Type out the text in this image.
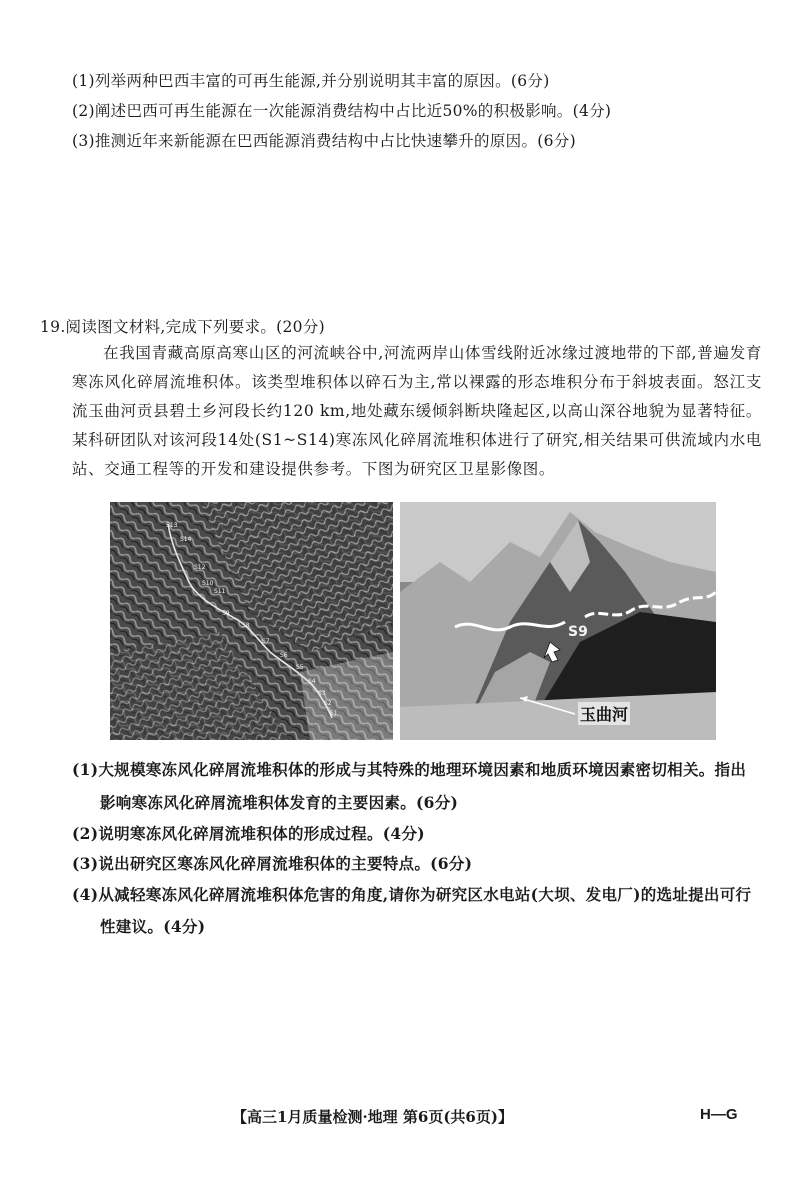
(1)列举两种巴西丰富的可再生能源,并分别说明其丰富的原因。(6分)
(2)阐述巴西可再生能源在一次能源消费结构中占比近50%的积极影响。(4分)
(3)推测近年来新能源在巴西能源消费结构中占比快速攀升的原因。(6分)
19.阅读图文材料,完成下列要求。(20分)
在我国青藏高原高寒山区的河流峡谷中,河流两岸山体雪线附近冰缘过渡地带的下部,普遍发育寒冻风化碎屑流堆积体。该类型堆积体以碎石为主,常以裸露的形态堆积分布于斜坡表面。怒江支流玉曲河贡县碧土乡河段长约120 km,地处藏东缓倾斜断块隆起区,以高山深谷地貌为显著特征。某科研团队对该河段14处(S1~S14)寒冻风化碎屑流堆积体进行了研究,相关结果可供流域内水电站、交通工程等的开发和建设提供参考。下图为研究区卫星影像图。
S13
S14
S12
S10
S11
S9
S8
S7
S6
S5
S4
S3
S2
S1
S9
玉曲河
(1)大规模寒冻风化碎屑流堆积体的形成与其特殊的地理环境因素和地质环境因素密切相关。指出
影响寒冻风化碎屑流堆积体发育的主要因素。(6分)
(2)说明寒冻风化碎屑流堆积体的形成过程。(4分)
(3)说出研究区寒冻风化碎屑流堆积体的主要特点。(6分)
(4)从减轻寒冻风化碎屑流堆积体危害的角度,请你为研究区水电站(大坝、发电厂)的选址提出可行
性建议。(4分)
【高三1月质量检测·地理 第6页(共6页)】	H—G
